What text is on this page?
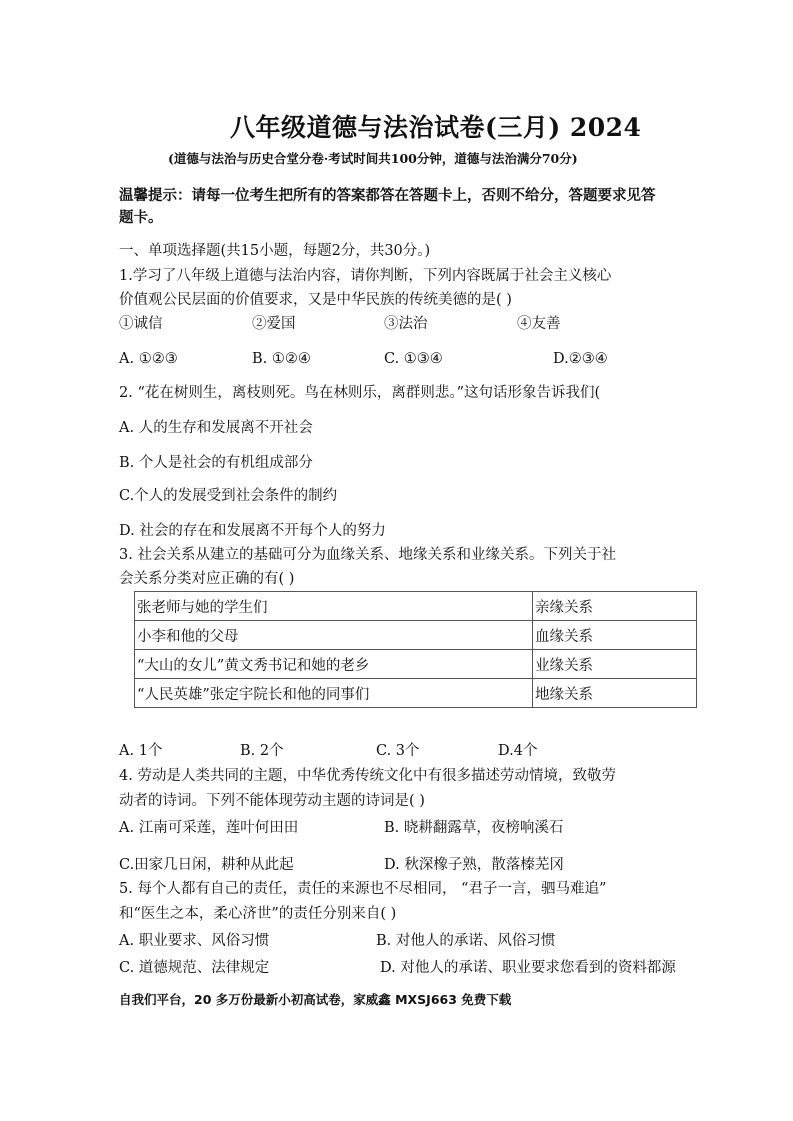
八年级道德与法治试卷(三月) 2024
(道德与法治与历史合堂分卷·考试时间共100分钟，道德与法治满分70分)
温馨提示：请每一位考生把所有的答案都答在答题卡上，否则不给分，答题要求见答
题卡。
一、单项选择题(共15小题，每题2分，共30分。)
1.学习了八年级上道德与法治内容，请你判断，下列内容既属于社会主义核心
价值观公民层面的价值要求，又是中华民族的传统美德的是( )
①诚信	②爱国	③法治	④友善
A. ①②③	B. ①②④	C. ①③④	D.②③④
2. “花在树则生，离枝则死。鸟在林则乐，离群则悲。”这句话形象告诉我们(
A. 人的生存和发展离不开社会
B. 个人是社会的有机组成部分
C.个人的发展受到社会条件的制约
D. 社会的存在和发展离不开每个人的努力
3. 社会关系从建立的基础可分为血缘关系、地缘关系和业缘关系。下列关于社
会关系分类对应正确的有( )
张老师与她的学生们	亲缘关系
小李和他的父母	血缘关系
“大山的女儿”黄文秀书记和她的老乡	业缘关系
“人民英雄”张定宇院长和他的同事们	地缘关系
A. 1个	B. 2个	C. 3个	D.4个
4. 劳动是人类共同的主题，中华优秀传统文化中有很多描述劳动情境，致敬劳
动者的诗词。下列不能体现劳动主题的诗词是( )
A. 江南可采莲，莲叶何田田	B. 晓耕翻露草，夜榜响溪石
C.田家几日闲，耕种从此起	D. 秋深橡子熟，散落榛芜冈
5. 每个人都有自己的责任，责任的来源也不尽相同， “君子一言，驷马难追”
和“医生之本，柔心济世”的责任分别来自( )
A. 职业要求、风俗习惯	B. 对他人的承诺、风俗习惯
C. 道德规范、法律规定	D. 对他人的承诺、职业要求您看到的资料都源
自我们平台，20 多万份最新小初高试卷，家威鑫 MXSJ663 免费下载
